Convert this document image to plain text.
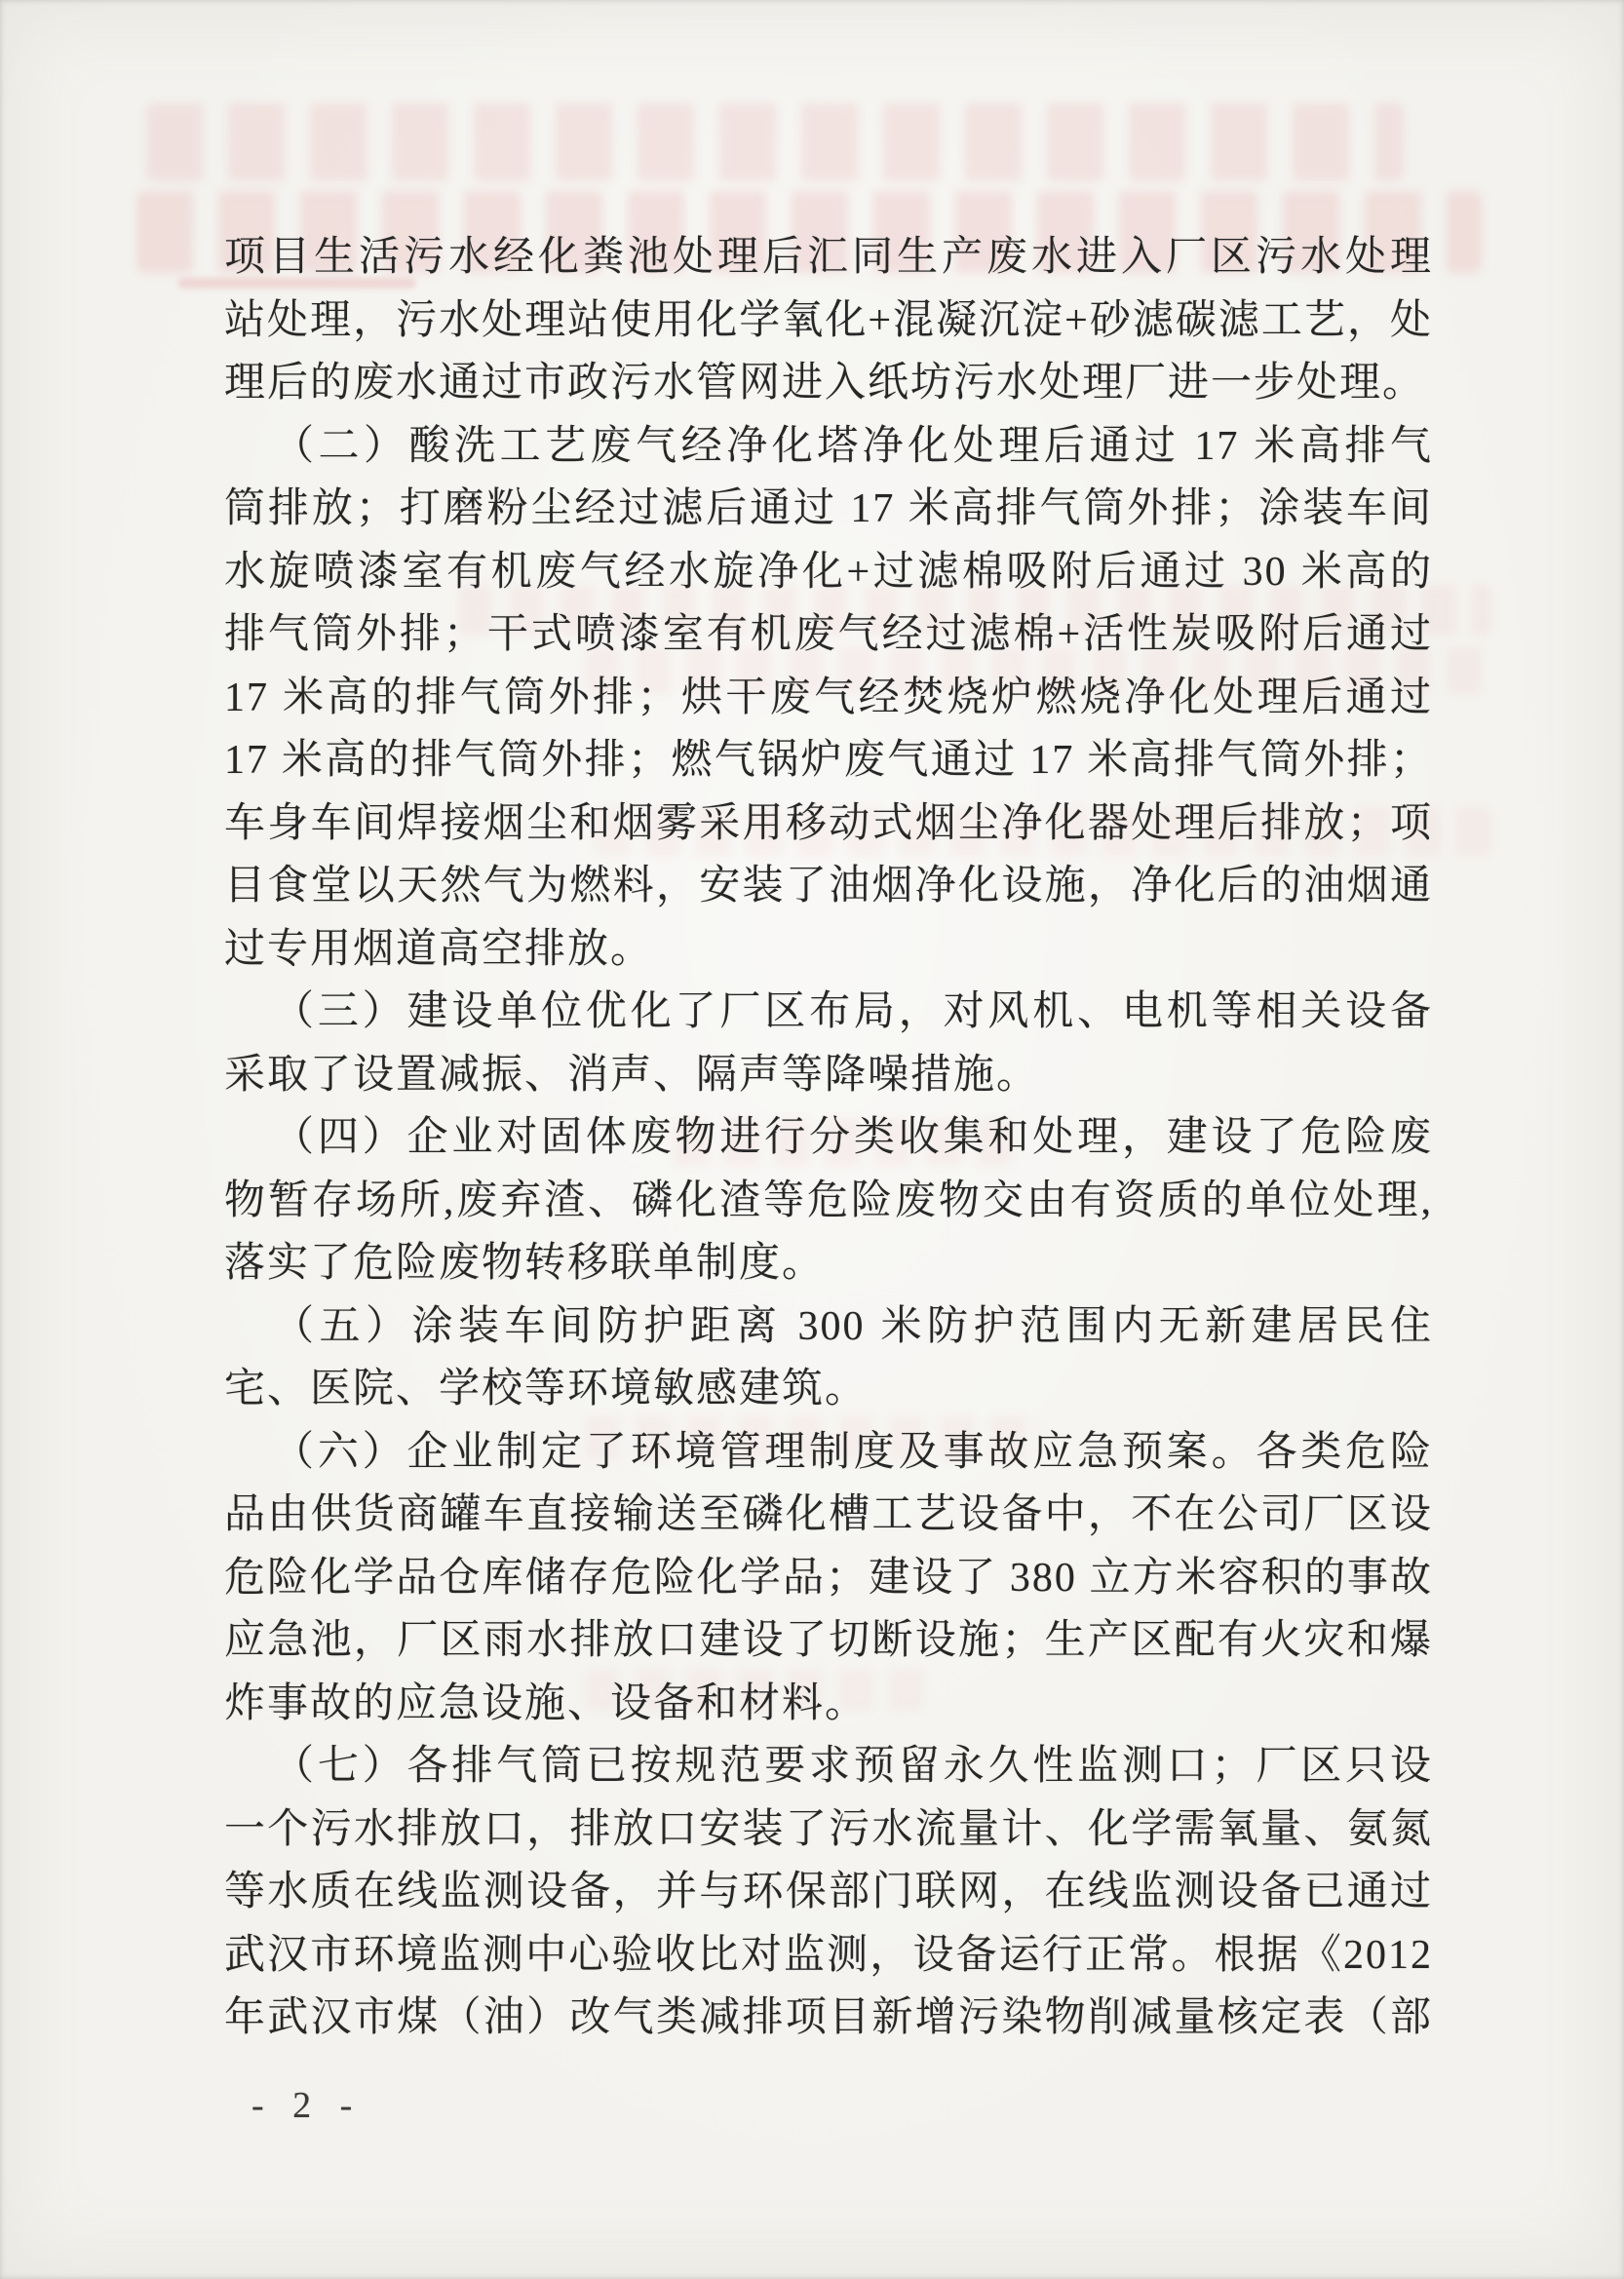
项目生活污水经化粪池处理后汇同生产废水进入厂区污水处理
站处理，污水处理站使用化学氧化+混凝沉淀+砂滤碳滤工艺，处
理后的废水通过市政污水管网进入纸坊污水处理厂进一步处理。
（二）酸洗工艺废气经净化塔净化处理后通过 17 米高排气
筒排放；打磨粉尘经过滤后通过 17 米高排气筒外排；涂装车间
水旋喷漆室有机废气经水旋净化+过滤棉吸附后通过 30 米高的
排气筒外排；干式喷漆室有机废气经过滤棉+活性炭吸附后通过
17 米高的排气筒外排；烘干废气经焚烧炉燃烧净化处理后通过
17 米高的排气筒外排；燃气锅炉废气通过 17 米高排气筒外排；
车身车间焊接烟尘和烟雾采用移动式烟尘净化器处理后排放；项
目食堂以天然气为燃料，安装了油烟净化设施，净化后的油烟通
过专用烟道高空排放。
（三）建设单位优化了厂区布局，对风机、电机等相关设备
采取了设置减振、消声、隔声等降噪措施。
（四）企业对固体废物进行分类收集和处理，建设了危险废
物暂存场所,废弃渣、磷化渣等危险废物交由有资质的单位处理,
落实了危险废物转移联单制度。
（五）涂装车间防护距离 300 米防护范围内无新建居民住
宅、医院、学校等环境敏感建筑。
（六）企业制定了环境管理制度及事故应急预案。各类危险
品由供货商罐车直接输送至磷化槽工艺设备中，不在公司厂区设
危险化学品仓库储存危险化学品；建设了 380 立方米容积的事故
应急池，厂区雨水排放口建设了切断设施；生产区配有火灾和爆
炸事故的应急设施、设备和材料。
（七）各排气筒已按规范要求预留永久性监测口；厂区只设
一个污水排放口，排放口安装了污水流量计、化学需氧量、氨氮
等水质在线监测设备，并与环保部门联网，在线监测设备已通过
武汉市环境监测中心验收比对监测，设备运行正常。根据《2012
年武汉市煤（油）改气类减排项目新增污染物削减量核定表（部
- 2 -
